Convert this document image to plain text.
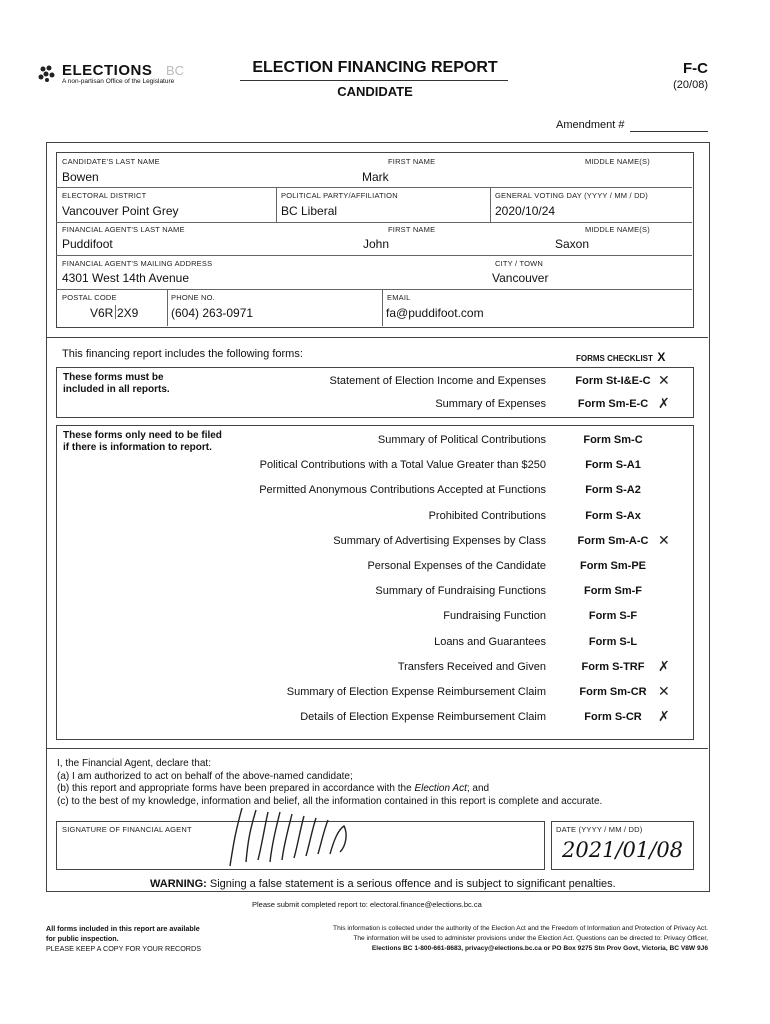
ELECTIONS BC
A non-partisan Office of the Legislature
ELECTION FINANCING REPORT
CANDIDATE
F-C
(20/08)
Amendment #
CANDIDATE'S LAST NAME
Bowen
FIRST NAME
Mark
MIDDLE NAME(S)
ELECTORAL DISTRICT
Vancouver Point Grey
POLITICAL PARTY/AFFILIATION
BC Liberal
GENERAL VOTING DAY (YYYY / MM / DD)
2020/10/24
FINANCIAL AGENT'S LAST NAME
Puddifoot
FIRST NAME
John
MIDDLE NAME(S)
Saxon
FINANCIAL AGENT'S MAILING ADDRESS
4301 West 14th Avenue
CITY / TOWN
Vancouver
POSTAL CODE
V6R 2X9
PHONE NO.
(604) 263-0971
EMAIL
fa@puddifoot.com
This financing report includes the following forms:	FORMS CHECKLIST X
These forms must be
included in all reports.
Statement of Election Income and Expenses	Form St-I&E-C ✕
Summary of Expenses	Form Sm-E-C ✗
These forms only need to be filed
if there is information to report.
Summary of Political Contributions	Form Sm-C
Political Contributions with a Total Value Greater than $250	Form S-A1
Permitted Anonymous Contributions Accepted at Functions	Form S-A2
Prohibited Contributions	Form S-Ax
Summary of Advertising Expenses by Class	Form Sm-A-C ✕
Personal Expenses of the Candidate	Form Sm-PE
Summary of Fundraising Functions	Form Sm-F
Fundraising Function	Form S-F
Loans and Guarantees	Form S-L
Transfers Received and Given	Form S-TRF ✗
Summary of Election Expense Reimbursement Claim	Form Sm-CR ✕
Details of Election Expense Reimbursement Claim	Form S-CR	✗
I, the Financial Agent, declare that:
(a) I am authorized to act on behalf of the above-named candidate;
(b) this report and appropriate forms have been prepared in accordance with the Election Act; and
(c) to the best of my knowledge, information and belief, all the information contained in this report is complete and accurate.
SIGNATURE OF FINANCIAL AGENT	DATE (YYYY / MM / DD)
2021/01/08
WARNING: Signing a false statement is a serious offence and is subject to significant penalties.
Please submit completed report to: electoral.finance@elections.bc.ca
All forms included in this report are available
for public inspection.
PLEASE KEEP A COPY FOR YOUR RECORDS
This information is collected under the authority of the Election Act and the Freedom of Information and Protection of Privacy Act.
The information will be used to administer provisions under the Election Act. Questions can be directed to: Privacy Officer,
Elections BC 1-800-661-8683, privacy@elections.bc.ca or PO Box 9275 Stn Prov Govt, Victoria, BC V8W 9J6
